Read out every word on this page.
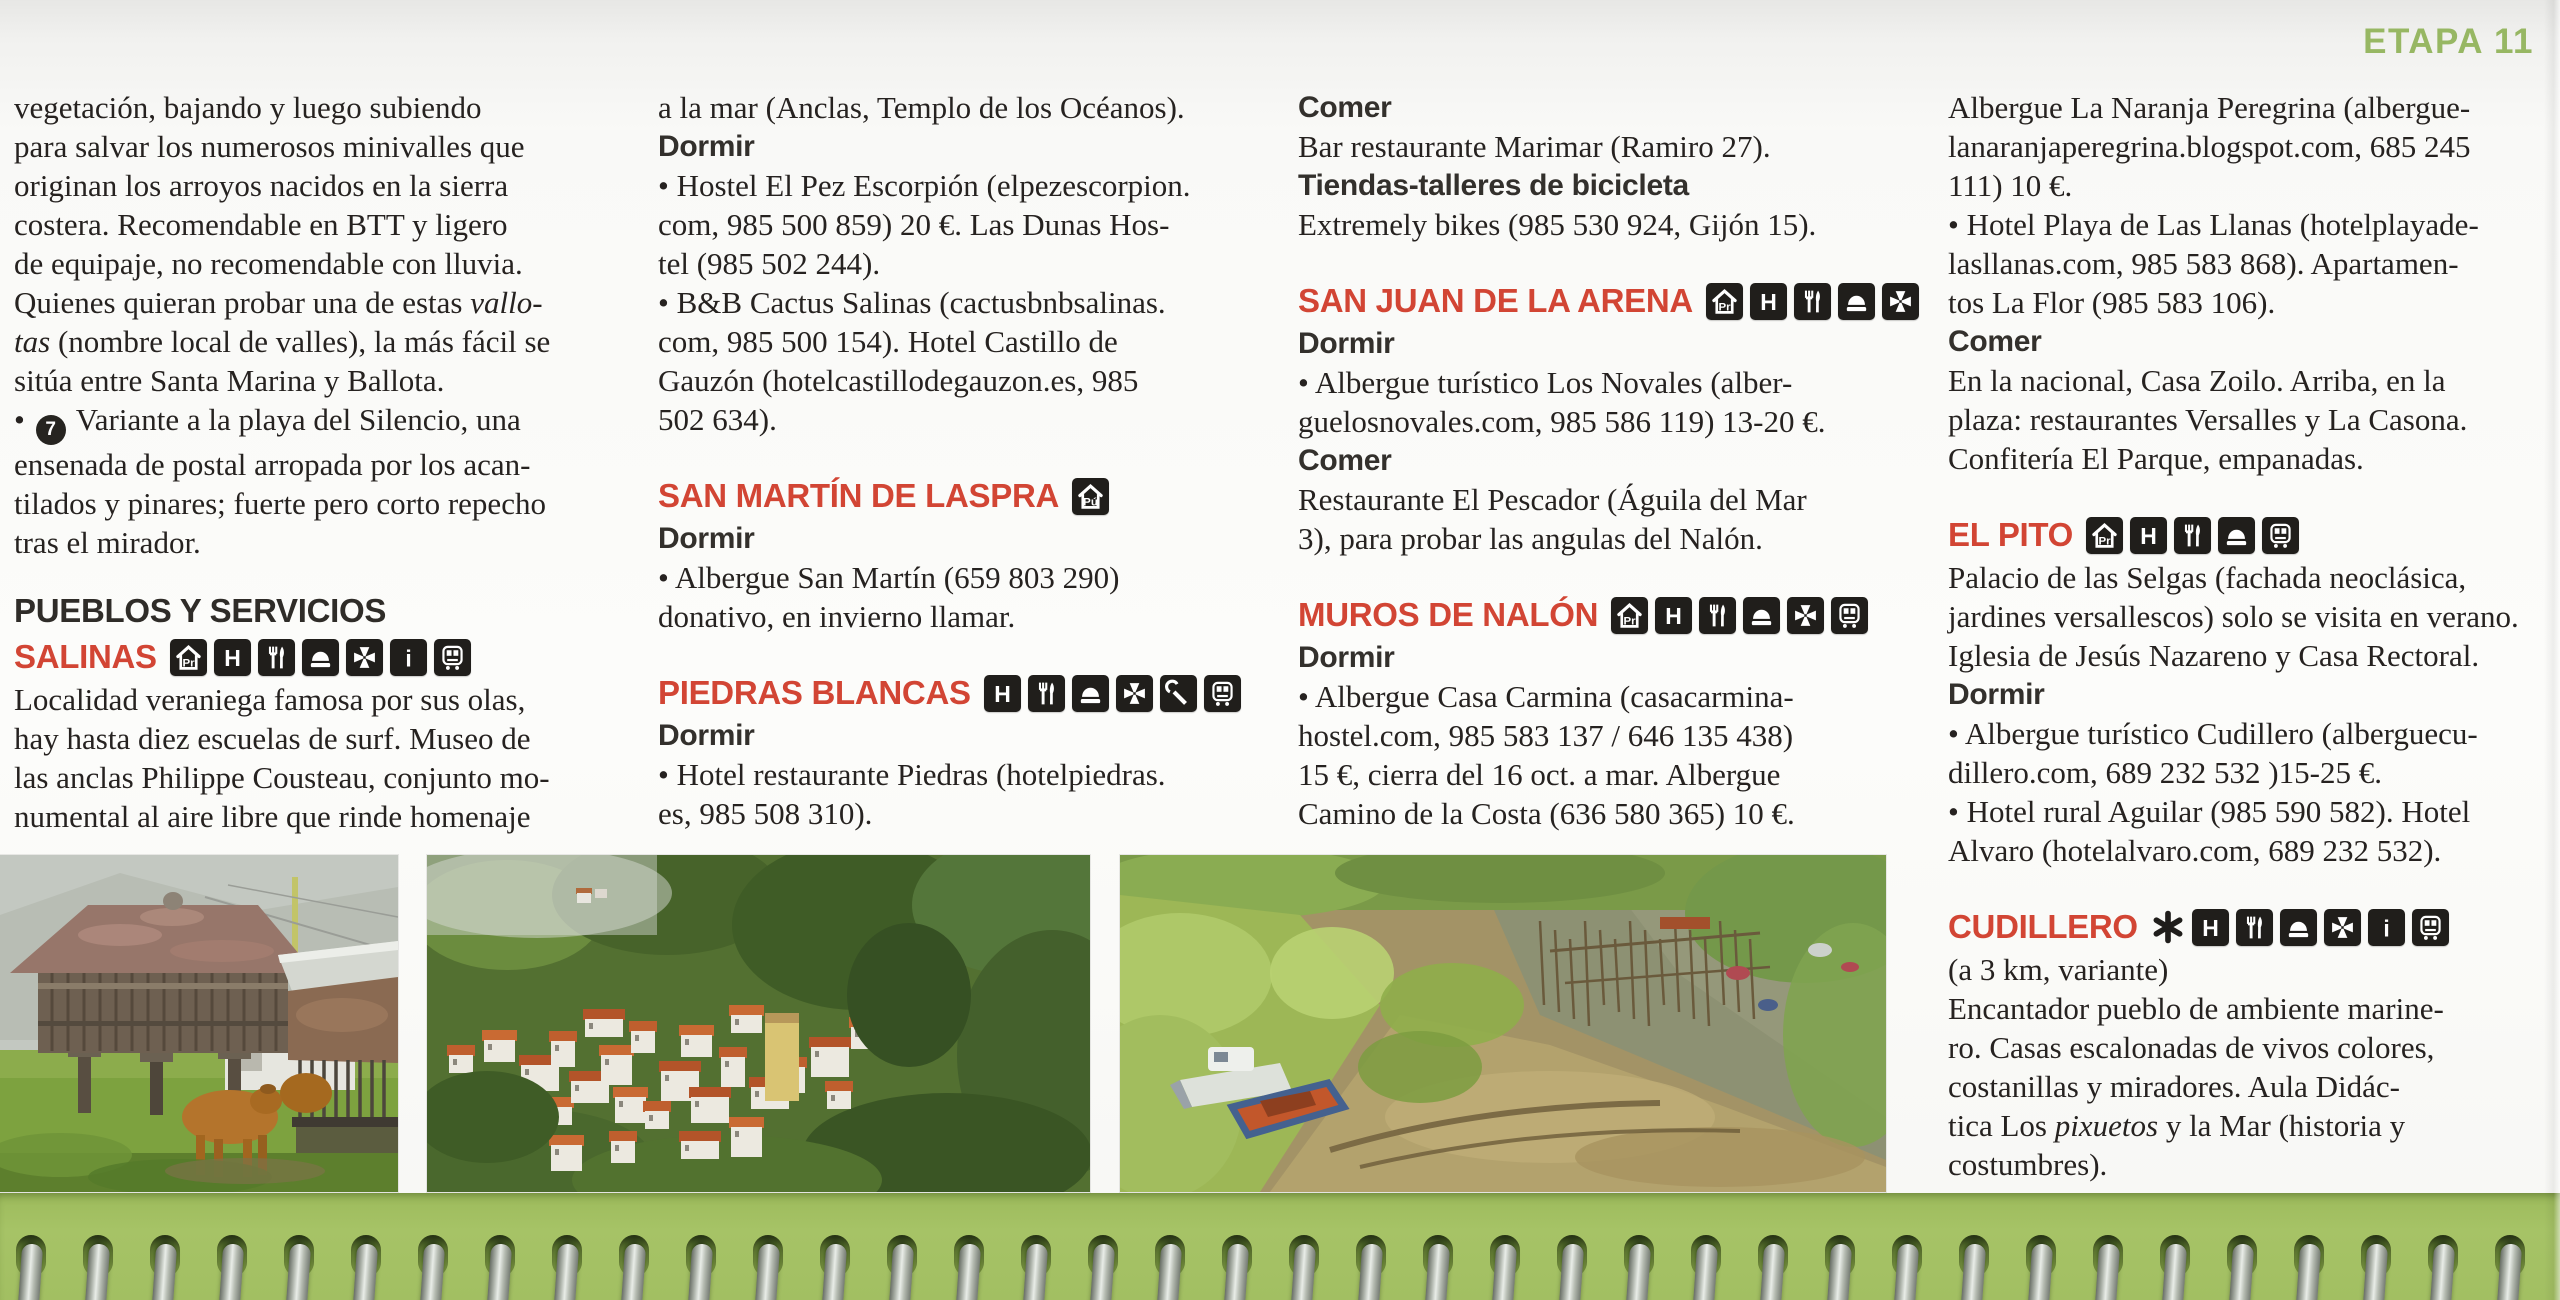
ETAPA 11
vegetación, bajando y luego subiendo
para salvar los numerosos minivalles que
originan los arroyos nacidos en la sierra
costera. Recomendable en BTT y ligero
de equipaje, no recomendable con lluvia.
Quienes quieran probar una de estas vallo-
tas (nombre local de valles), la más fácil se
sitúa entre Santa Marina y Ballota.
• 7 Variante a la playa del Silencio, una
ensenada de postal arropada por los acan-
tilados y pinares; fuerte pero corto repecho
tras el mirador.
PUEBLOS Y SERVICIOS
SALINAS	Pr H	i
Localidad veraniega famosa por sus olas,
hay hasta diez escuelas de surf. Museo de
las anclas Philippe Cousteau, conjunto mo-
numental al aire libre que rinde homenaje
a la mar (Anclas, Templo de los Océanos).
Dormir
• Hostel El Pez Escorpión (elpezescorpion.
com, 985 500 859) 20 €. Las Dunas Hos-
tel (985 502 244).
• B&B Cactus Salinas (cactusbnbsalinas.
com, 985 500 154). Hotel Castillo de
Gauzón (hotelcastillodegauzon.es, 985
502 634).
SAN MARTÍN DE LASPRA	Pú
Dormir
• Albergue San Martín (659 803 290)
donativo, en invierno llamar.
PIEDRAS BLANCAS H
Dormir
• Hotel restaurante Piedras (hotelpiedras.
es, 985 508 310).
Comer
Bar restaurante Marimar (Ramiro 27).
Tiendas-talleres de bicicleta
Extremely bikes (985 530 924, Gijón 15).
SAN JUAN DE LA ARENA	Pr H
Dormir
• Albergue turístico Los Novales (alber-
guelosnovales.com, 985 586 119) 13-20 €.
Comer
Restaurante El Pescador (Águila del Mar
3), para probar las angulas del Nalón.
MUROS DE NALÓN	Pr H
Dormir
• Albergue Casa Carmina (casacarmina-
hostel.com, 985 583 137 / 646 135 438)
15 €, cierra del 16 oct. a mar. Albergue
Camino de la Costa (636 580 365) 10 €.
Albergue La Naranja Peregrina (albergue-
lanaranjaperegrina.blogspot.com, 685 245
111) 10 €.
• Hotel Playa de Las Llanas (hotelplayade-
lasllanas.com, 985 583 868). Apartamen-
tos La Flor (985 583 106).
Comer
En la nacional, Casa Zoilo. Arriba, en la
plaza: restaurantes Versalles y La Casona.
Confitería El Parque, empanadas.
EL PITO	Pr H
Palacio de las Selgas (fachada neoclásica,
jardines versallescos) solo se visita en verano.
Iglesia de Jesús Nazareno y Casa Rectoral.
Dormir
• Albergue turístico Cudillero (alberguecu-
dillero.com, 689 232 532 )15-25 €.
• Hotel rural Aguilar (985 590 582). Hotel
Alvaro (hotelalvaro.com, 689 232 532).
CUDILLERO	H	i
(a 3 km, variante)
Encantador pueblo de ambiente marine-
ro. Casas escalonadas de vivos colores,
costanillas y miradores. Aula Didác-
tica Los pixuetos y la Mar (historia y
costumbres).
